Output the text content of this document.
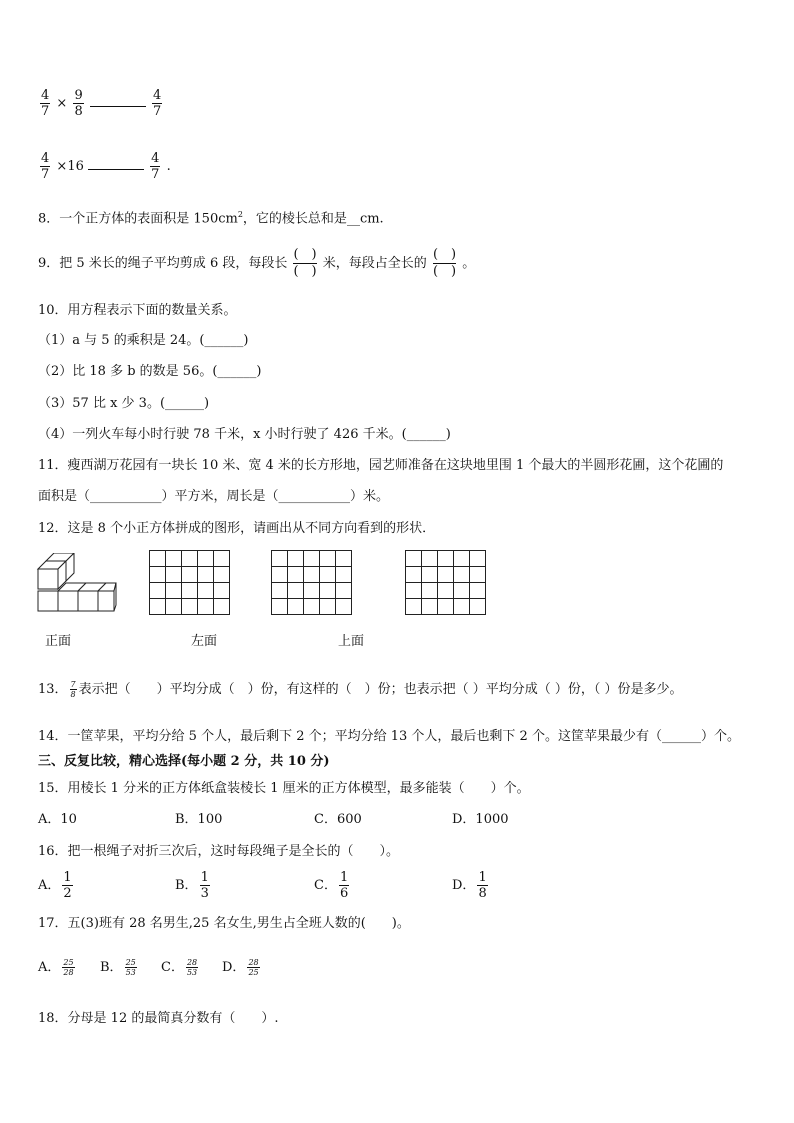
$\frac{4}{7} \times \frac{9}{8}$
	$\frac{4}{7}$
$\frac{4}{7} \times 16$	$\frac{4}{7}$ .
8．一个正方体的表面积是 $150cm^2$，它的棱长总和是__cm.
9．把 5 米长的绳子平均剪成 6 段，每段长
(　)
(　)
米，每段占全长的
(　)
(　)
。
10．用方程表示下面的数量关系。
（1）a 与 5 的乘积是 24。(______)
（2）比 18 多 b 的数是 56。(______)
（3）57 比 x 少 3。(______)
（4）一列火车每小时行驶 78 千米，x 小时行驶了 426 千米。(______)
11．瘦西湖万花园有一块长 10 米、宽 4 米的长方形地，园艺师准备在这块地里围 1 个最大的半圆形花圃，这个花圃的
面积是（___________）平方米，周长是（___________）米。
12．这是 8 个小正方体拼成的图形，请画出从不同方向看到的形状．

正面	左面	上面
13． $\frac{7}{8}$ 表示把（　　）平均分成（　）份，有这样的（　）份；也表示把（ ）平均分成（ ）份，（ ）份是多少。
14．一筐苹果，平均分给 5 个人，最后剩下 2 个；平均分给 13 个人，最后也剩下 2 个。这筐苹果最少有（______）个。
三、反复比较，精心选择(每小题 2 分，共 10 分)
15．用棱长 1 分米的正方体纸盒装棱长 1 厘米的正方体模型，最多能装（　　）个。
A．10	B．100	C．600	D．1000
16．把一根绳子对折三次后，这时每段绳子是全长的（　　）。
A． $\frac{1}{2}$	B． $\frac{1}{3}$	C． $\frac{1}{6}$	D． $\frac{1}{8}$
17．五(3)班有 28 名男生,25 名女生,男生占全班人数的(　　)。
A． $\frac{25}{28}$ B． $\frac{25}{53}$ C． $\frac{28}{53}$ D． $\frac{28}{25}$
18．分母是 12 的最简真分数有（　　）.
